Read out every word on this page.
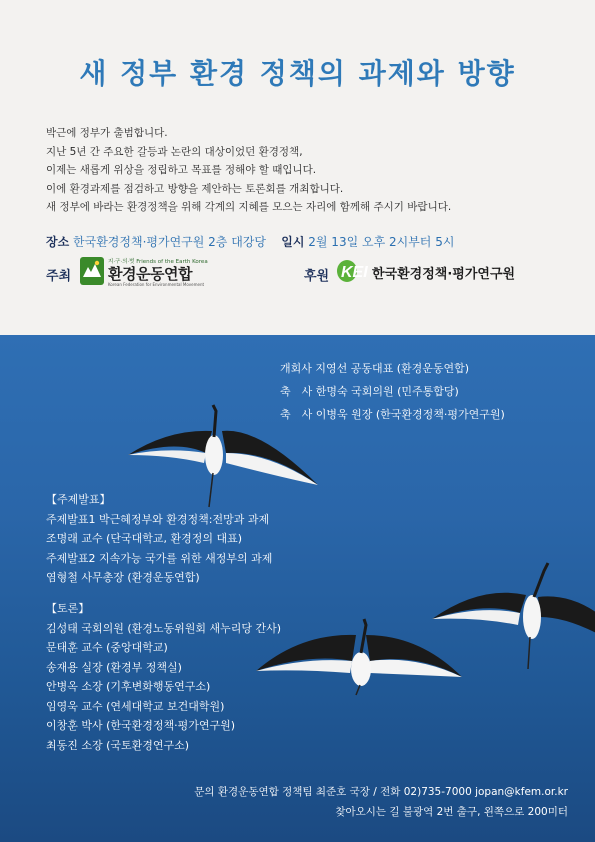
새 정부 환경 정책의 과제와 방향
박근에 정부가 출범합니다.
지난 5년 간 주요한 갈등과 논란의 대상이었던 환경정책,
이제는 새롭게 위상을 정립하고 목표를 정해야 할 때입니다.
이에 환경과제를 점검하고 방향을 제안하는 토론회를 개최합니다.
새 정부에 바라는 환경정책을 위해 각계의 지혜를 모으는 자리에 함께해 주시기 바랍니다.
장소 한국환경정책·평가연구원 2층 대강당 일시 2월 13일 오후 2시부터 5시
주최
지·구·의·벗 Friends of the Earth Korea
환경운동연합
Korean Federation for Environmental Movement
후원 KEI 한국환경정책·평가연구원
개회사 지영선 공동대표 (환경운동연합)
축　사 한명숙 국회의원 (민주통합당)
축　사 이병욱 원장 (한국환경정책·평가연구원)
【주제발표】
주제발표1 박근혜정부와 환경정책:전망과 과제
조명래 교수 (단국대학교, 환경정의 대표)
주제발표2 지속가능 국가를 위한 새정부의 과제
염형철 사무총장 (환경운동연합)
【토론】
김성태 국회의원 (환경노동위원회 새누리당 간사)
문태훈 교수 (중앙대학교)
송재용 실장 (환경부 정책실)
안병옥 소장 (기후변화행동연구소)
임영욱 교수 (연세대학교 보건대학원)
이창훈 박사 (한국환경정책·평가연구원)
최동진 소장 (국토환경연구소)
문의 환경운동연합 정책팀 최준호 국장 / 전화 02)735-7000 jopan@kfem.or.kr
찾아오시는 길 불광역 2번 출구, 왼쪽으로 200미터
